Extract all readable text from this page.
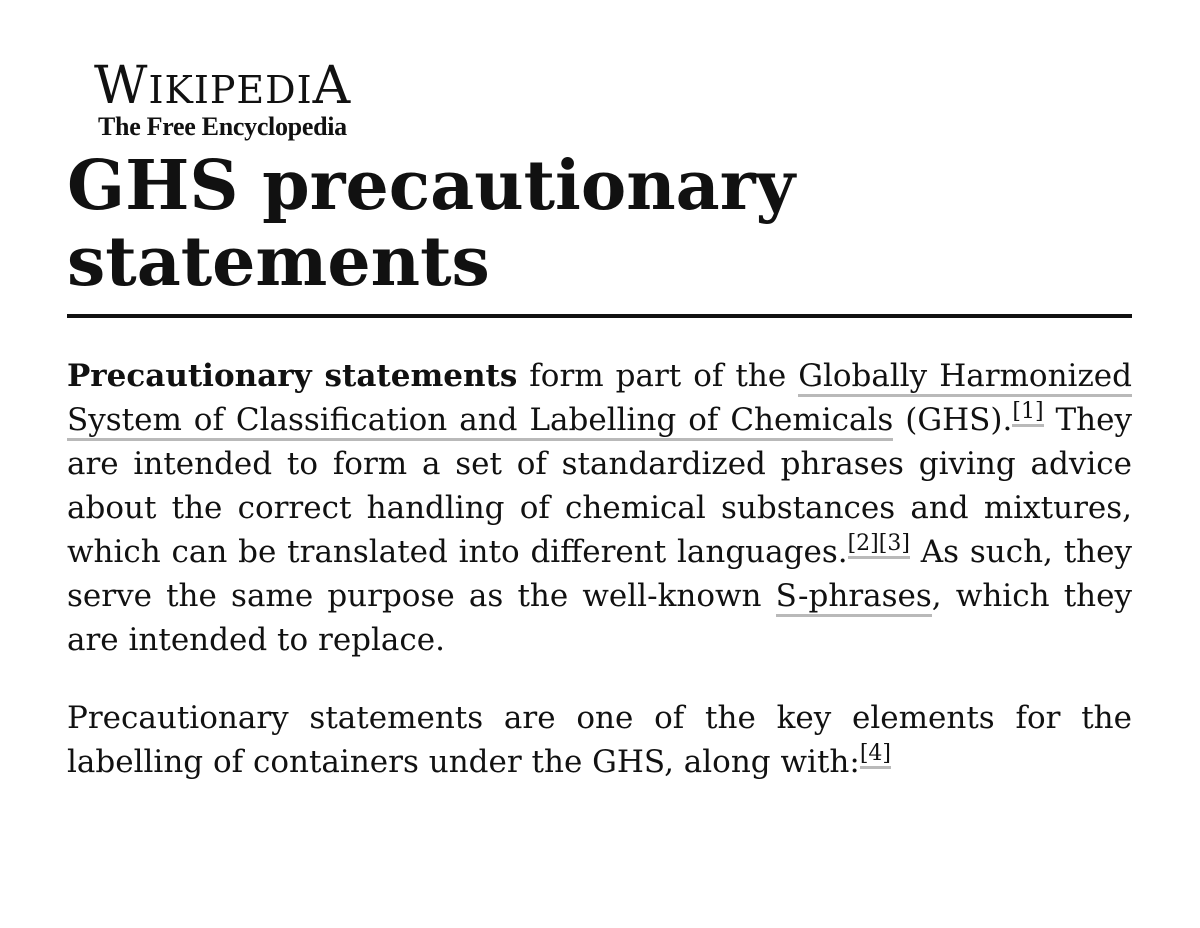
WIKIPEDIA
The Free Encyclopedia
GHS precautionary statements

Precautionary statements form part of the Globally Harmonized System of Classification and Labelling of Chemicals (GHS).[1] They are intended to form a set of standardized phrases giving advice about the correct handling of chemical substances and mixtures, which can be translated into different languages.[2][3] As such, they serve the same purpose as the well-known S-phrases, which they are intended to replace.

Precautionary statements are one of the key elements for the labelling of containers under the GHS, along with:[4]
